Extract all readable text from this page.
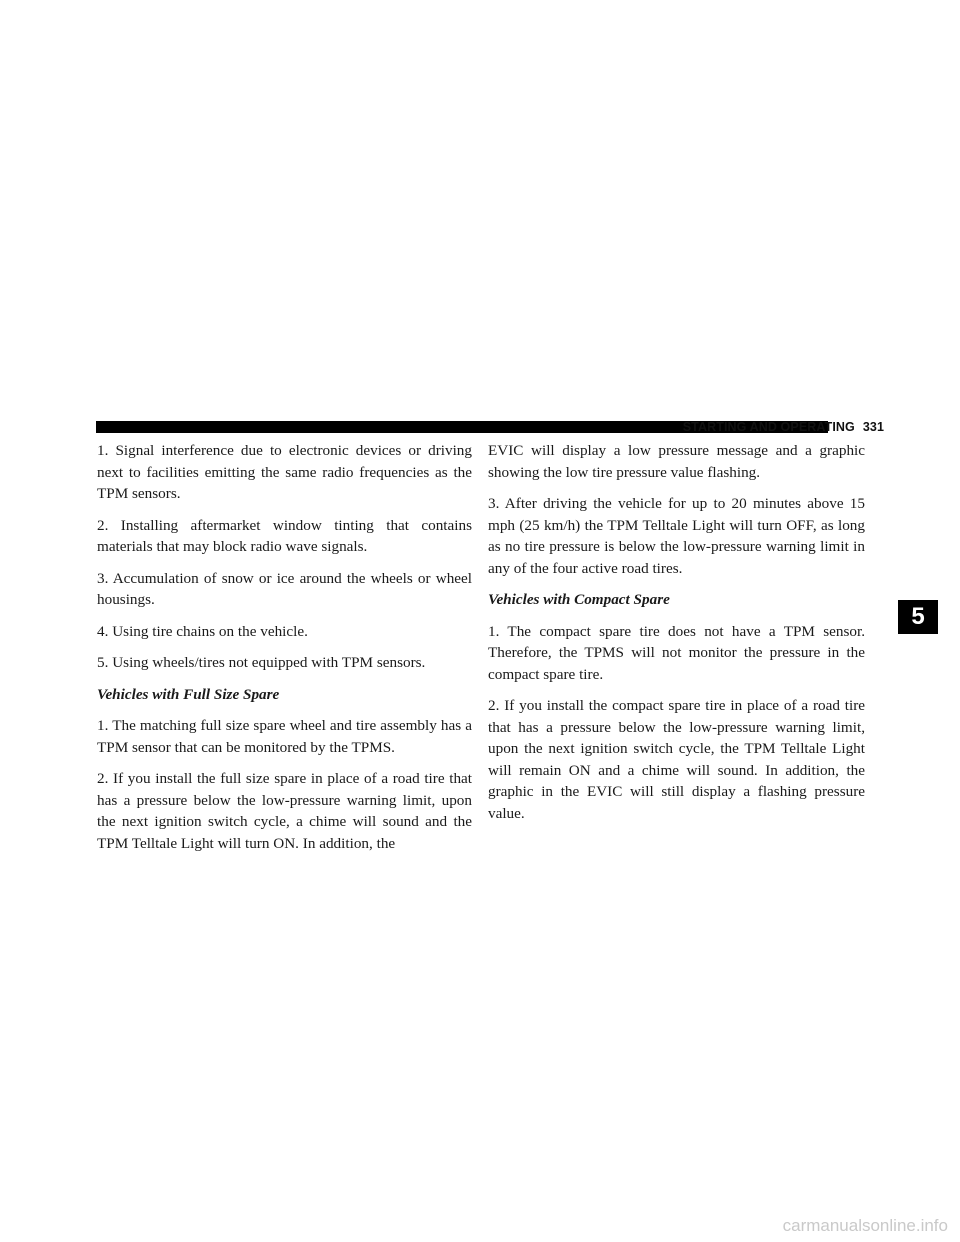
STARTING AND OPERATING 331

1. Signal interference due to electronic devices or driving next to facilities emitting the same radio frequencies as the TPM sensors.

2. Installing aftermarket window tinting that contains materials that may block radio wave signals.

3. Accumulation of snow or ice around the wheels or wheel housings.

4. Using tire chains on the vehicle.

5. Using wheels/tires not equipped with TPM sensors.

Vehicles with Full Size Spare

1. The matching full size spare wheel and tire assembly has a TPM sensor that can be monitored by the TPMS.

2. If you install the full size spare in place of a road tire that has a pressure below the low-pressure warning limit, upon the next ignition switch cycle, a chime will sound and the TPM Telltale Light will turn ON. In addition, the

EVIC will display a low pressure message and a graphic showing the low tire pressure value flashing.

3. After driving the vehicle for up to 20 minutes above 15 mph (25 km/h) the TPM Telltale Light will turn OFF, as long as no tire pressure is below the low-pressure warning limit in any of the four active road tires.

Vehicles with Compact Spare

1. The compact spare tire does not have a TPM sensor. Therefore, the TPMS will not monitor the pressure in the compact spare tire.

2. If you install the compact spare tire in place of a road tire that has a pressure below the low-pressure warning limit, upon the next ignition switch cycle, the TPM Telltale Light will remain ON and a chime will sound. In addition, the graphic in the EVIC will still display a flashing pressure value.

5
carmanualsonline.info
